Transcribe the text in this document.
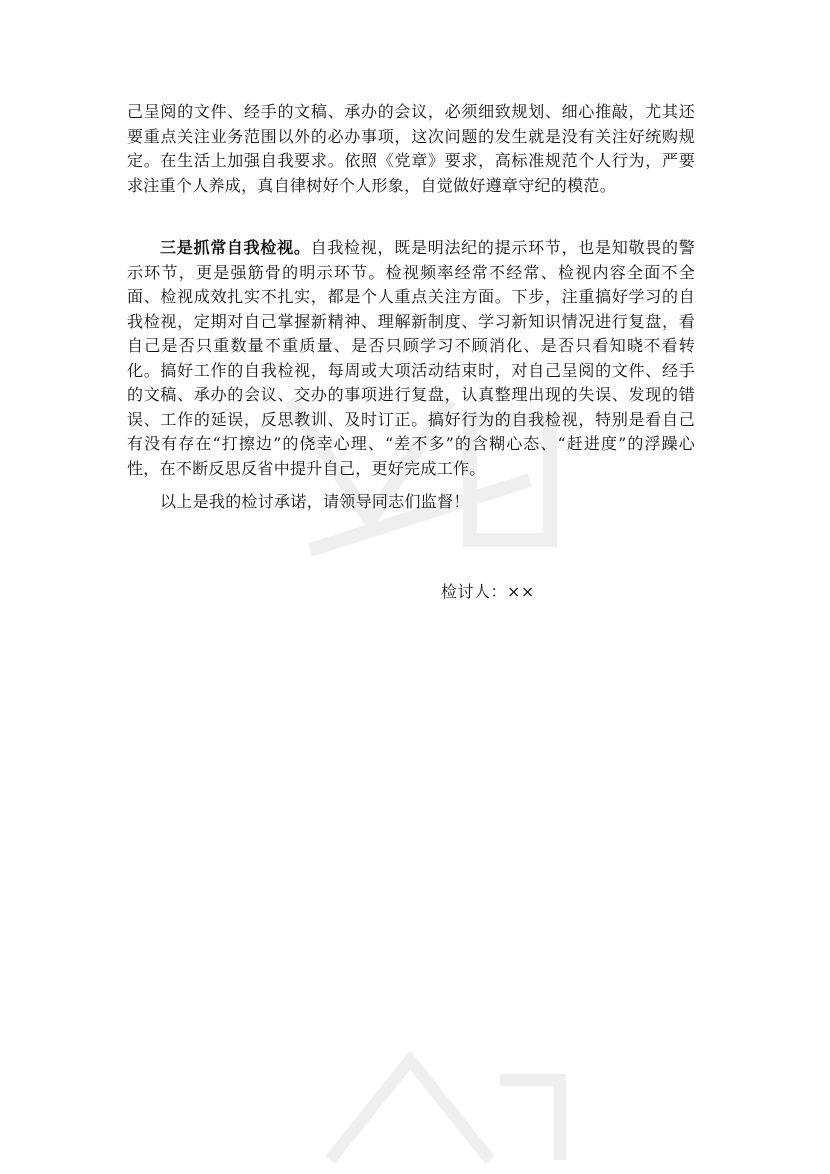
己呈阅的文件、经手的文稿、承办的会议，必须细致规划、细心推敲，尤其还要重点关注业务范围以外的必办事项，这次问题的发生就是没有关注好统购规定。在生活上加强自我要求。依照《党章》要求，高标准规范个人行为，严要求注重个人养成，真自律树好个人形象，自觉做好遵章守纪的模范。

三是抓常自我检视。自我检视，既是明法纪的提示环节，也是知敬畏的警示环节，更是强筋骨的明示环节。检视频率经常不经常、检视内容全面不全面、检视成效扎实不扎实，都是个人重点关注方面。下步，注重搞好学习的自我检视，定期对自己掌握新精神、理解新制度、学习新知识情况进行复盘，看自己是否只重数量不重质量、是否只顾学习不顾消化、是否只看知晓不看转化。搞好工作的自我检视，每周或大项活动结束时，对自己呈阅的文件、经手的文稿、承办的会议、交办的事项进行复盘，认真整理出现的失误、发现的错误、工作的延误，反思教训、及时订正。搞好行为的自我检视，特别是看自己有没有存在“打擦边”的侥幸心理、“差不多”的含糊心态、“赶进度”的浮躁心性，在不断反思反省中提升自己，更好完成工作。

以上是我的检讨承诺，请领导同志们监督！

检讨人：××
